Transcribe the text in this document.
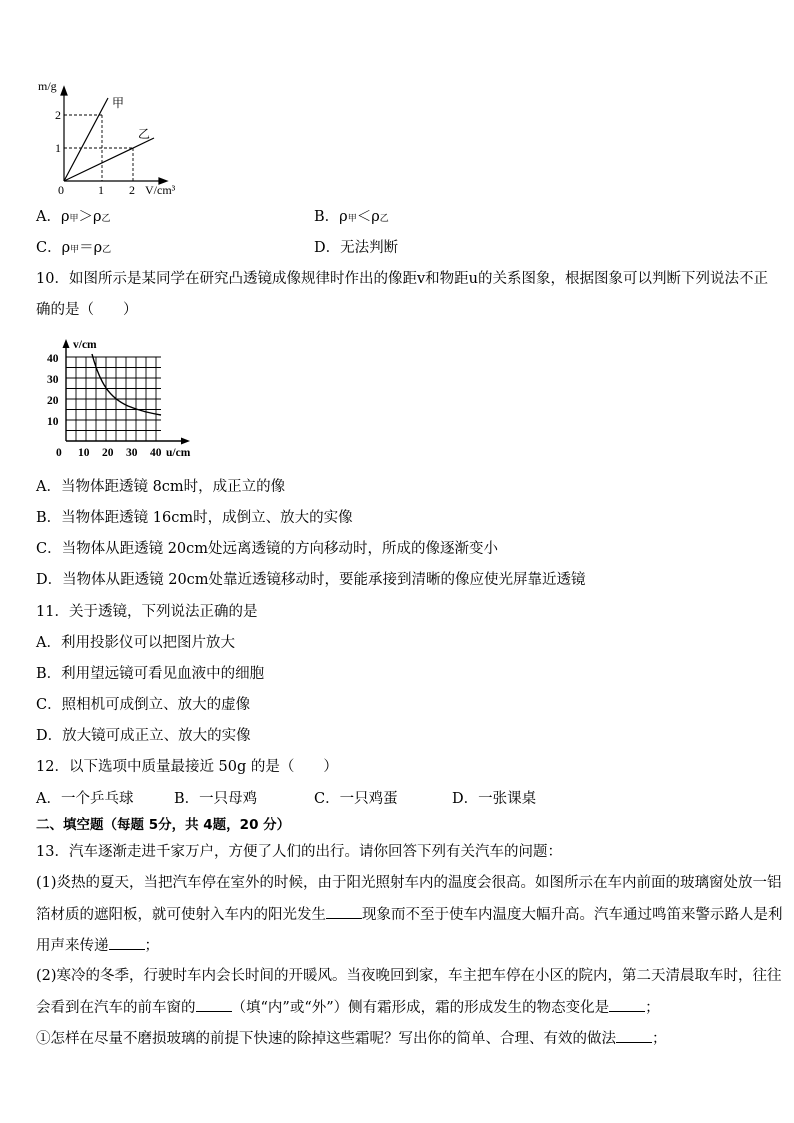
m/g
2
1
0	1 2 V/cm³
甲
乙
A．ρ甲＞ρ乙	B．ρ甲＜ρ乙
C．ρ甲＝ρ乙	D．无法判断
10．如图所示是某同学在研究凸透镜成像规律时作出的像距v和物距u的关系图象，根据图象可以判断下列说法不正
确的是（　　）
v/cm
40
30
20
10
0 10 20 30 40 u/cm
A．当物体距透镜 8cm时，成正立的像
B．当物体距透镜 16cm时，成倒立、放大的实像
C．当物体从距透镜 20cm处远离透镜的方向移动时，所成的像逐渐变小
D．当物体从距透镜 20cm处靠近透镜移动时，要能承接到清晰的像应使光屏靠近透镜
11．关于透镜，下列说法正确的是
A．利用投影仪可以把图片放大
B．利用望远镜可看见血液中的细胞
C．照相机可成倒立、放大的虚像
D．放大镜可成正立、放大的实像
12．以下选项中质量最接近 50g 的是（　　）
A．一个乒乓球	B．一只母鸡	C．一只鸡蛋	D．一张课桌
二、填空题（每题 5分，共 4题，20 分）
13．汽车逐渐走进千家万户，方便了人们的出行。请你回答下列有关汽车的问题：
(1)炎热的夏天，当把汽车停在室外的时候，由于阳光照射车内的温度会很高。如图所示在车内前面的玻璃窗处放一铝
箔材质的遮阳板，就可使射入车内的阳光发生 现象而不至于使车内温度大幅升高。汽车通过鸣笛来警示路人是利
用声来传递 ；
(2)寒冷的冬季，行驶时车内会长时间的开暖风。当夜晚回到家，车主把车停在小区的院内，第二天清晨取车时，往往
会看到在汽车的前车窗的 （填“内”或“外”）侧有霜形成，霜的形成发生的物态变化是 ；
①怎样在尽量不磨损玻璃的前提下快速的除掉这些霜呢？写出你的简单、合理、有效的做法 ；
